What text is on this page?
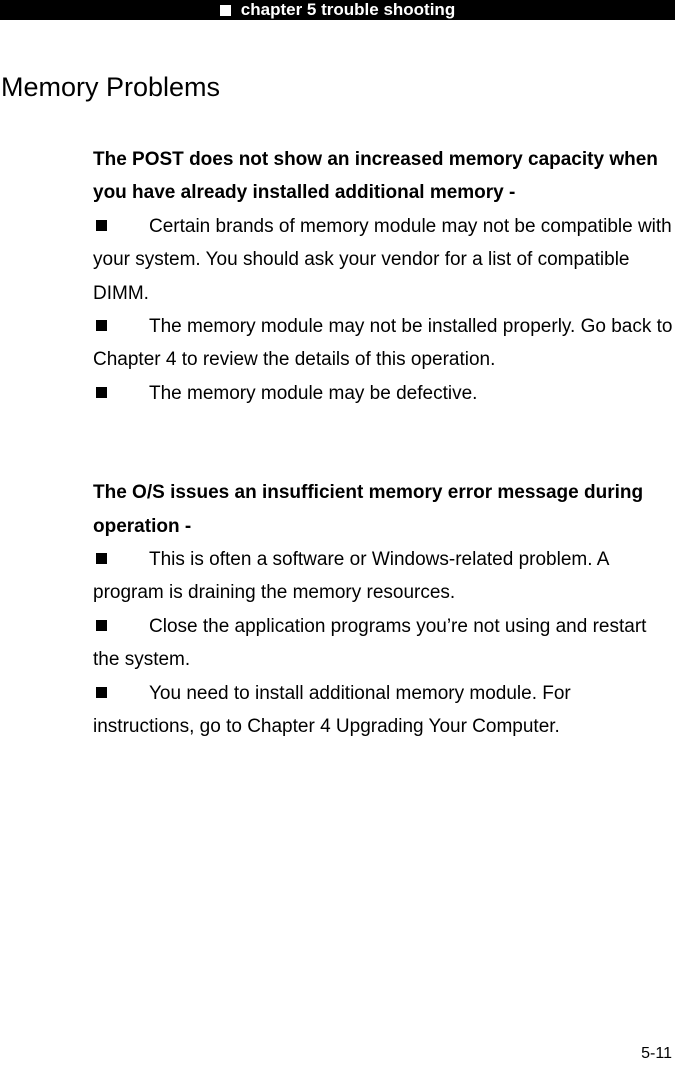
chapter 5 trouble shooting
Memory Problems

The POST does not show an increased memory capacity when you have already installed additional memory -

Certain brands of memory module may not be compatible with your system. You should ask your vendor for a list of compatible DIMM.

The memory module may not be installed properly. Go back to Chapter 4 to review the details of this operation.

The memory module may be defective.

The O/S issues an insufficient memory error message during operation -

This is often a software or Windows-related problem. A program is draining the memory resources.

Close the application programs you’re not using and restart the system.

You need to install additional memory module. For instructions, go to Chapter 4 Upgrading Your Computer.

5-11
